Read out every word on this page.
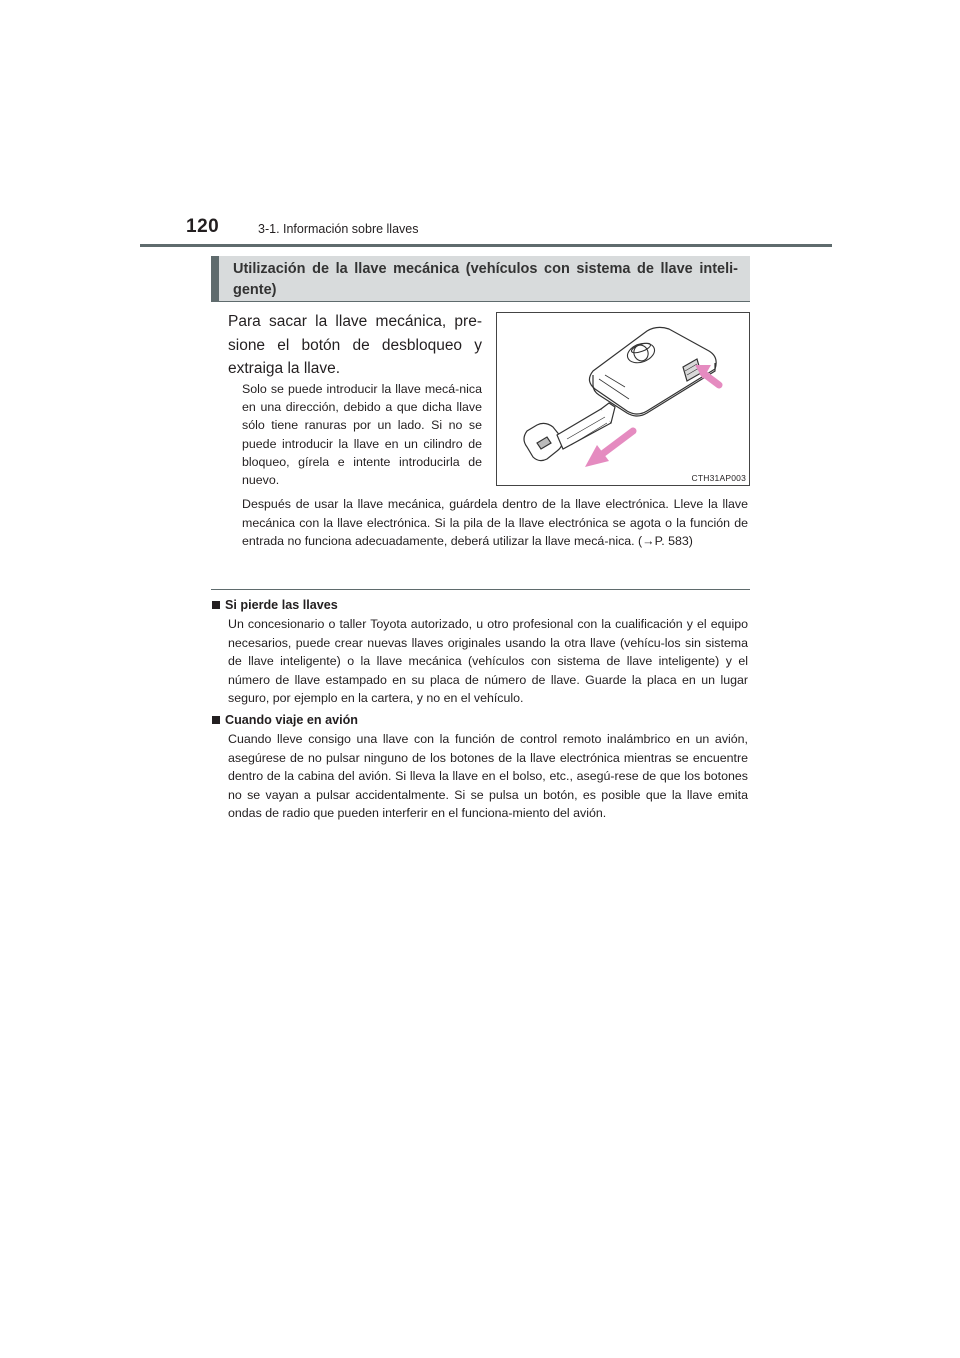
120	3-1. Información sobre llaves
Utilización de la llave mecánica (vehículos con sistema de llave inteli-gente)

Para sacar la llave mecánica, pre-sione el botón de desbloqueo y extraiga la llave.

Solo se puede introducir la llave mecá-nica en una dirección, debido a que dicha llave sólo tiene ranuras por un lado. Si no se puede introducir la llave en un cilindro de bloqueo, gírela e intente introducirla de nuevo.	CTH31AP003

Después de usar la llave mecánica, guárdela dentro de la llave electrónica. Lleve la llave mecánica con la llave electrónica. Si la pila de la llave electrónica se agota o la función de entrada no funciona adecuadamente, deberá utilizar la llave mecá-nica. (→P. 583)

Si pierde las llaves

Un concesionario o taller Toyota autorizado, u otro profesional con la cualificación y el equipo necesarios, puede crear nuevas llaves originales usando la otra llave (vehícu-los sin sistema de llave inteligente) o la llave mecánica (vehículos con sistema de llave inteligente) y el número de llave estampado en su placa de número de llave. Guarde la placa en un lugar seguro, por ejemplo en la cartera, y no en el vehículo.

Cuando viaje en avión

Cuando lleve consigo una llave con la función de control remoto inalámbrico en un avión, asegúrese de no pulsar ninguno de los botones de la llave electrónica mientras se encuentre dentro de la cabina del avión. Si lleva la llave en el bolso, etc., asegú-rese de que los botones no se vayan a pulsar accidentalmente. Si se pulsa un botón, es posible que la llave emita ondas de radio que pueden interferir en el funciona-miento del avión.
